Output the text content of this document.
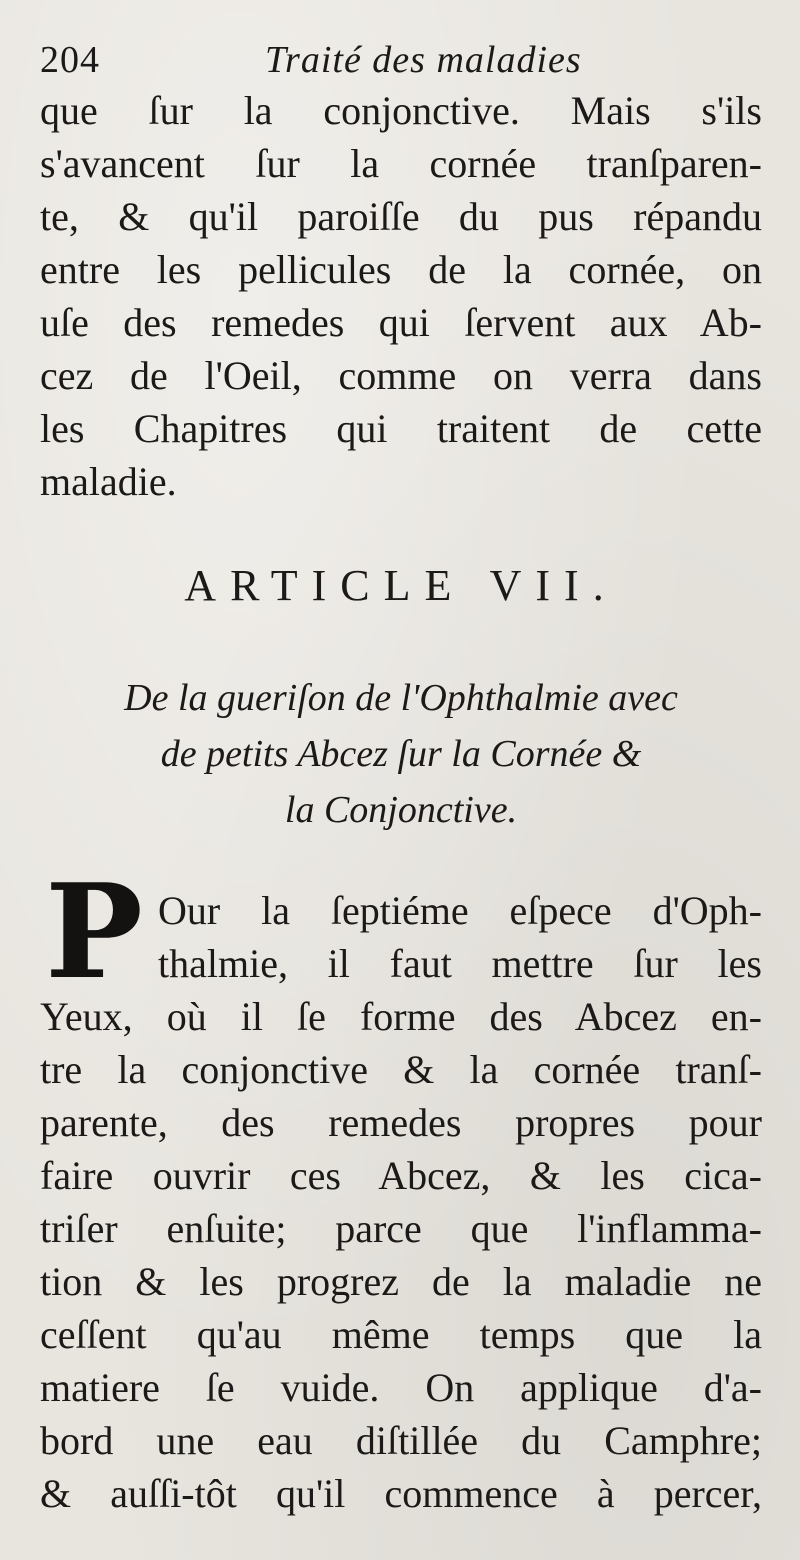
204	Traité des maladies
que ſur la conjonctive. Mais s'ils
s'avancent ſur la cornée tranſparen-
te, & qu'il paroiſſe du pus répandu
entre les pellicules de la cornée, on
uſe des remedes qui ſervent aux Ab-
cez de l'Oeil, comme on verra dans
les Chapitres qui traitent de cette
maladie.
ARTICLE VII.
De la gueriſon de l'Ophthalmie avec
de petits Abcez ſur la Cornée &
la Conjonctive.
P Our la ſeptiéme eſpece d'Oph-
thalmie, il faut mettre ſur les
Yeux, où il ſe forme des Abcez en-
tre la conjonctive & la cornée tranſ-
parente, des remedes propres pour
faire ouvrir ces Abcez, & les cica-
triſer enſuite; parce que l'inflamma-
tion & les progrez de la maladie ne
ceſſent qu'au même temps que la
matiere ſe vuide. On applique d'a-
bord une eau diſtillée du Camphre;
& auſſi-tôt qu'il commence à percer,
